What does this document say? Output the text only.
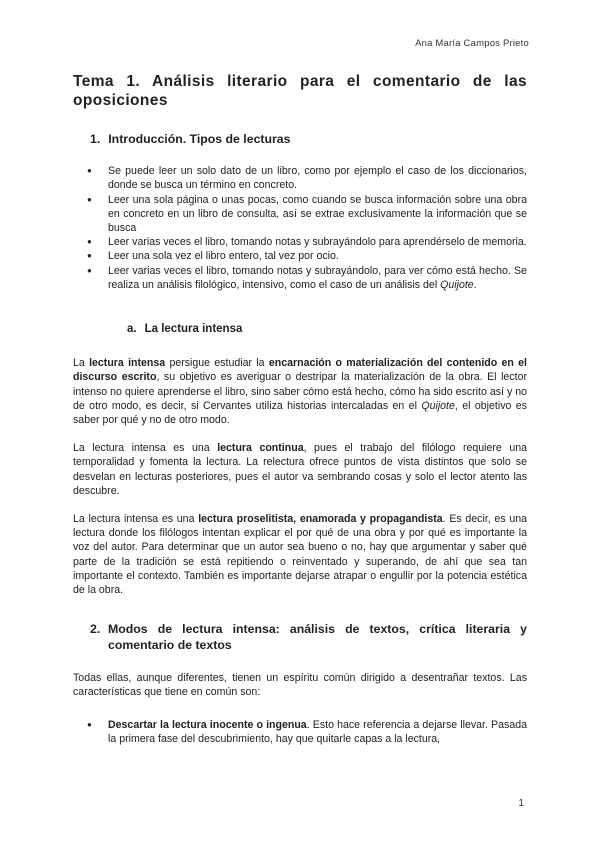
Ana María Campos Prieto
Tema 1. Análisis literario para el comentario de las oposiciones
1. Introducción. Tipos de lecturas
● Se puede leer un solo dato de un libro, como por ejemplo el caso de los diccionarios, donde se busca un término en concreto.
● Leer una sola página o unas pocas, como cuando se busca información sobre una obra en concreto en un libro de consulta, así se extrae exclusivamente la información que se busca
● Leer varias veces el libro, tomando notas y subrayándolo para aprendérselo de memoria.
● Leer una sola vez el libro entero, tal vez por ocio.
● Leer varias veces el libro, tomando notas y subrayándolo, para ver cómo está hecho. Se realiza un análisis filológico, intensivo, como el caso de un análisis del Quijote.
a. La lectura intensa

La lectura intensa persigue estudiar la encarnación o materialización del contenido en el discurso escrito, su objetivo es averiguar o destripar la materialización de la obra. El lector intenso no quiere aprenderse el libro, sino saber cómo está hecho, cómo ha sido escrito así y no de otro modo, es decir, si Cervantes utiliza historias intercaladas en el Quijote, el objetivo es saber por qué y no de otro modo.

La lectura intensa es una lectura continua, pues el trabajo del filólogo requiere una temporalidad y fomenta la lectura. La relectura ofrece puntos de vista distintos que solo se desvelan en lecturas posteriores, pues el autor va sembrando cosas y solo el lector atento las descubre.

La lectura intensa es una lectura proselitista, enamorada y propagandista. Es decir, es una lectura donde los filólogos intentan explicar el por qué de una obra y por qué es importante la voz del autor. Para determinar que un autor sea bueno o no, hay que argumentar y saber qué parte de la tradición se está repitiendo o reinventado y superando, de ahí que sea tan importante el contexto. También es importante dejarse atrapar o engullir por la potencia estética de la obra.

2. Modos de lectura intensa: análisis de textos, crítica literaria y comentario de textos

Todas ellas, aunque diferentes, tienen un espíritu común dirigido a desentrañar textos. Las características que tiene en común son:

● Descartar la lectura inocente o ingenua. Esto hace referencia a dejarse llevar. Pasada la primera fase del descubrimiento, hay que quitarle capas a la lectura,
1
